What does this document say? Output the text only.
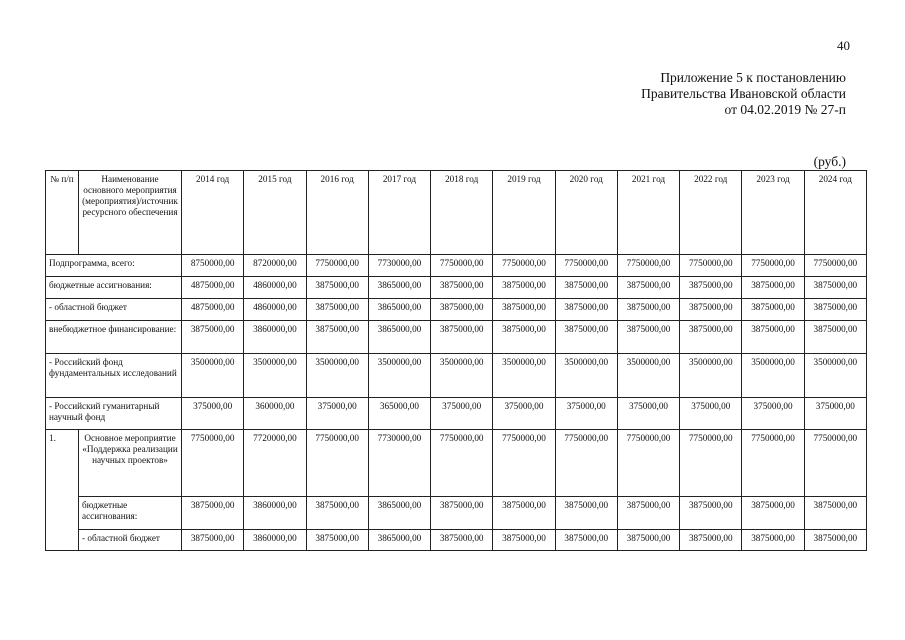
40
Приложение 5 к постановлению
Правительства Ивановской области
от 04.02.2019 № 27-п
(руб.)
№ п/п	Наименование основного мероприятия (мероприятия)/источник ресурсного обеспечения	2014 год	2015 год	2016 год	2017 год	2018 год	2019 год	2020 год	2021 год	2022 год	2023 год	2024 год
Подпрограмма, всего:		8750000,00	8720000,00	7750000,00	7730000,00	7750000,00	7750000,00	7750000,00	7750000,00	7750000,00	7750000,00	7750000,00
бюджетные ассигнования:		4875000,00	4860000,00	3875000,00	3865000,00	3875000,00	3875000,00	3875000,00	3875000,00	3875000,00	3875000,00	3875000,00
- областной бюджет		4875000,00	4860000,00	3875000,00	3865000,00	3875000,00	3875000,00	3875000,00	3875000,00	3875000,00	3875000,00	3875000,00
внебюджетное финансирование:		3875000,00	3860000,00	3875000,00	3865000,00	3875000,00	3875000,00	3875000,00	3875000,00	3875000,00	3875000,00	3875000,00
- Российский фонд фундаментальных исследований		3500000,00	3500000,00	3500000,00	3500000,00	3500000,00	3500000,00	3500000,00	3500000,00	3500000,00	3500000,00	3500000,00
- Российский гуманитарный научный фонд		375000,00	360000,00	375000,00	365000,00	375000,00	375000,00	375000,00	375000,00	375000,00	375000,00	375000,00
1.	Основное мероприятие «Поддержка реализации научных проектов»	7750000,00	7720000,00	7750000,00	7730000,00	7750000,00	7750000,00	7750000,00	7750000,00	7750000,00	7750000,00	7750000,00
	бюджетные ассигнования:	3875000,00	3860000,00	3875000,00	3865000,00	3875000,00	3875000,00	3875000,00	3875000,00	3875000,00	3875000,00	3875000,00
	- областной бюджет	3875000,00	3860000,00	3875000,00	3865000,00	3875000,00	3875000,00	3875000,00	3875000,00	3875000,00	3875000,00	3875000,00
